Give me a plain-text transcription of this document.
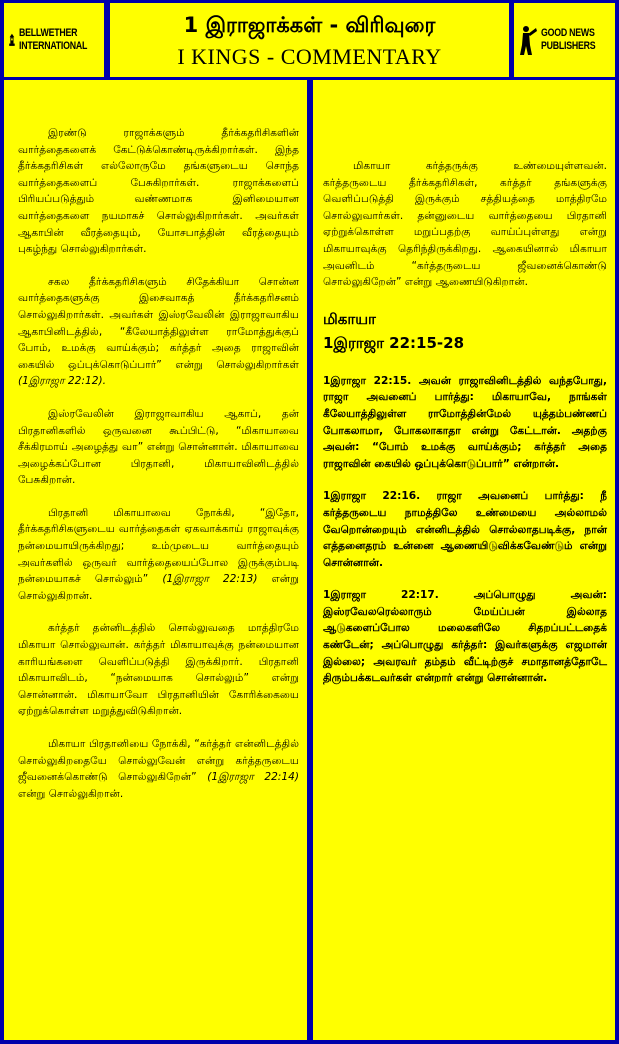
BELLWETHER
INTERNATIONAL
1 இராஜாக்கள் - விரிவுரை
I KINGS - COMMENTARY
GOOD NEWS
PUBLISHERS

இரண்டு ராஜாக்களும் தீர்க்கதரிசிகளின் வார்த்தைகளைக் கேட்டுக்கொண்டிருக்கிறார்கள். இந்த தீர்க்கதரிசிகள் எல்லோருமே தங்களுடைய சொந்த வார்த்தைகளைப் பேசுகிறார்கள். ராஜாக்களைப் பிரியப்படுத்தும் வண்ணமாக இனிமையான வார்த்தைகளை நயமாகச் சொல்லுகிறார்கள். அவர்கள் ஆகாபின் வீரத்தையும், யோசபாத்தின் வீரத்தையும் புகழ்ந்து சொல்லுகிறார்கள்.

சகல தீர்க்கதரிசிகளும் சிதேக்கியா சொன்ன வார்த்தைகளுக்கு இசைவாகத் தீர்க்கதரிசனம் சொல்லுகிறார்கள். அவர்கள் இஸ்ரவேலின் இராஜாவாகிய ஆகாபினிடத்தில், “கீலேயாத்திலுள்ள ராமோத்துக்குப் போம், உமக்கு வாய்க்கும்; கர்த்தர் அதை ராஜாவின் கையில் ஒப்புக்கொடுப்பார்” என்று சொல்லுகிறார்கள் (1இராஜா 22:12).

இஸ்ரவேலின் இராஜாவாகிய ஆகாப், தன் பிரதானிகளில் ஒருவனை கூப்பிட்டு, “மிகாயாவை சீக்கிரமாய் அழைத்து வா” என்று சொன்னான். மிகாயாவை அழைக்கப்போன பிரதானி, மிகாயாவினிடத்தில் பேசுகிறான்.

பிரதானி மிகாயாவை நோக்கி, “இதோ, தீர்க்கதரிசிகளுடைய வார்த்தைகள் ஏகவாக்காய் ராஜாவுக்கு நன்மையாயிருக்கிறது; உம்முடைய வார்த்தையும் அவர்களில் ஒருவர் வார்த்தையைப்போல இருக்கும்படி நன்மையாகச் சொல்லும்” (1இராஜா 22:13) என்று சொல்லுகிறான்.

கர்த்தர் தன்னிடத்தில் சொல்லுவதை மாத்திரமே மிகாயா சொல்லுவான். கர்த்தர் மிகாயாவுக்கு நன்மையான காரியங்களை வெளிப்படுத்தி இருக்கிறார். பிரதானி மிகாயாவிடம், “நன்மையாக சொல்லும்” என்று சொன்னான். மிகாயாவோ பிரதானியின் கோரிக்கையை ஏற்றுக்கொள்ள மறுத்துவிடுகிறான்.

மிகாயா பிரதானியை நோக்கி, “கர்த்தர் என்னிடத்தில் சொல்லுகிறதையே சொல்லுவேன் என்று கர்த்தருடைய ஜீவனைக்கொண்டு சொல்லுகிறேன்” (1இராஜா 22:14) என்று சொல்லுகிறான்.

மிகாயா கர்த்தருக்கு உண்மையுள்ளவன். கர்த்தருடைய தீர்க்கதரிசிகள், கர்த்தர் தங்களுக்கு வெளிப்படுத்தி இருக்கும் சத்தியத்தை மாத்திரமே சொல்லுவார்கள். தன்னுடைய வார்த்தையை பிரதானி ஏற்றுக்கொள்ள மறுப்பதற்கு வாய்ப்புள்ளது என்று மிகாயாவுக்கு தெரிந்திருக்கிறது. ஆகையினால் மிகாயா அவனிடம் “கர்த்தருடைய ஜீவனைக்கொண்டு சொல்லுகிறேன்” என்று ஆணையிடுகிறான்.

மிகாயா
1இராஜா 22:15-28

1இராஜா 22:15. அவன் ராஜாவினிடத்தில் வந்தபோது, ராஜா அவனைப் பார்த்து: மிகாயாவே, நாங்கள் கீலேயாத்திலுள்ள ராமோத்தின்மேல் யுத்தம்பண்ணப் போகலாமா, போகலாகாதா என்று கேட்டான். அதற்கு அவன்: “போம் உமக்கு வாய்க்கும்; கர்த்தர் அதை ராஜாவின் கையில் ஒப்புக்கொடுப்பார்” என்றான்.

1இராஜா 22:16. ராஜா அவனைப் பார்த்து: நீ கர்த்தருடைய நாமத்திலே உண்மையை அல்லாமல் வேறொன்றையும் என்னிடத்தில் சொல்லாதபடிக்கு, நான் எத்தனைதரம் உன்னை ஆணையிடுவிக்கவேண்டும் என்று சொன்னான்.

1இராஜா 22:17. அப்பொழுது அவன்: இஸ்ரவேலரெல்லாரும் மேய்ப்பன் இல்லாத ஆடுகளைப்போல மலைகளிலே சிதறப்பட்டதைக் கண்டேன்; அப்பொழுது கர்த்தர்: இவர்களுக்கு எஜமான் இல்லை; அவரவர் தம்தம் வீட்டிற்குச் சமாதானத்தோடே திரும்பக்கடவர்கள் என்றார் என்று சொன்னான்.
